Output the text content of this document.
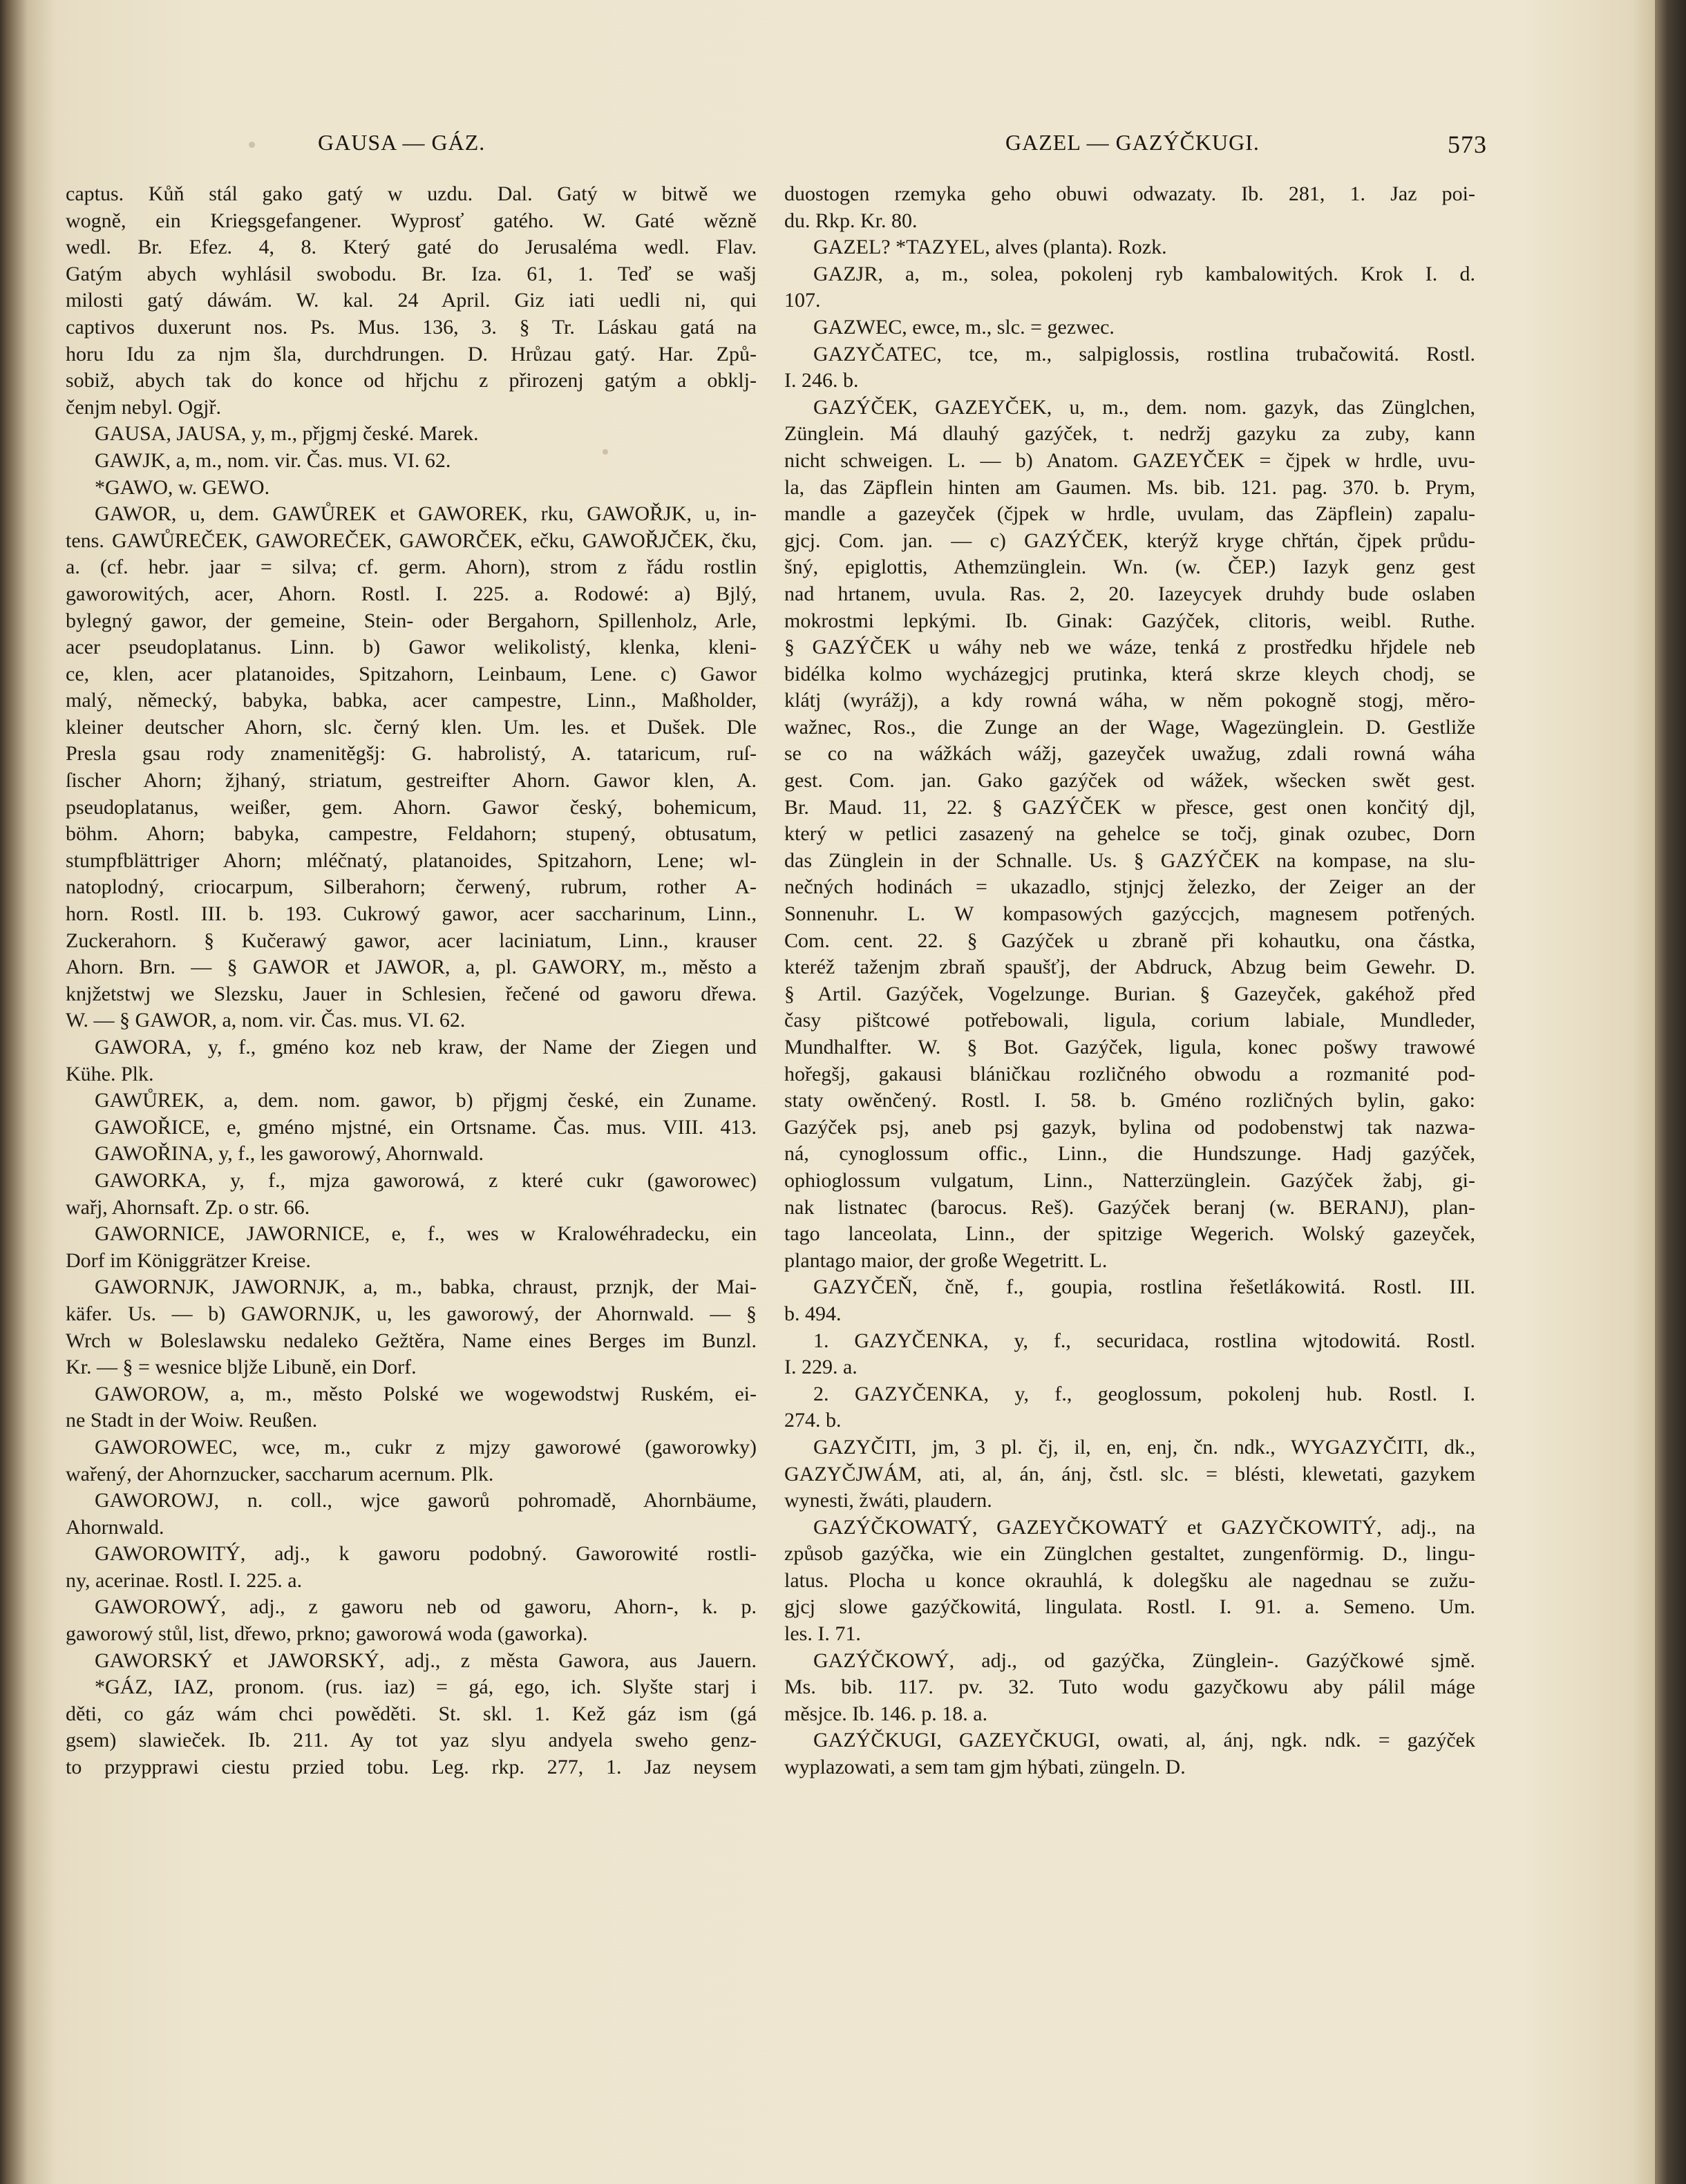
GAUSA — GÁZ.	GAZEL — GAZÝČKUGI.	573
captus. Kůň stál gako gatý w uzdu. Dal. Gatý w bitwě we
wogně, ein Kriegsgefangener. Wyprosť gatého. W. Gaté wězně
wedl. Br. Efez. 4, 8. Který gaté do Jerusaléma wedl. Flav.
Gatým abych wyhlásil swobodu. Br. Iza. 61, 1. Teď se wašj
milosti gatý dáwám. W. kal. 24 April. Giz iati uedli ni, qui
captivos duxerunt nos. Ps. Mus. 136, 3. § Tr. Láskau gatá na
horu Idu za njm šla, durchdrungen. D. Hrůzau gatý. Har. Způ-
sobiž, abych tak do konce od hřjchu z přirozenj gatým a obklj-
čenjm nebyl. Ogjř.
GAUSA, JAUSA, y, m., přjgmj české. Marek.
GAWJK, a, m., nom. vir. Čas. mus. VI. 62.
*GAWO, w. GEWO.
GAWOR, u, dem. GAWŮREK et GAWOREK, rku, GAWOŘJK, u, in-
tens. GAWŮREČEK, GAWOREČEK, GAWORČEK, ečku, GAWOŘJČEK, čku,
a. (cf. hebr. jaar = silva; cf. germ. Ahorn), strom z řádu rostlin
gaworowitých, acer, Ahorn. Rostl. I. 225. a. Rodowé: a) Bjlý,
bylegný gawor, der gemeine, Stein- oder Bergahorn, Spillenholz, Arle,
acer pseudoplatanus. Linn. b) Gawor welikolistý, klenka, kleni-
ce, klen, acer platanoides, Spitzahorn, Leinbaum, Lene. c) Gawor
malý, německý, babyka, babka, acer campestre, Linn., Maßholder,
kleiner deutscher Ahorn, slc. černý klen. Um. les. et Dušek. Dle
Presla gsau rody znamenitěgšj: G. habrolistý, A. tataricum, ruſ-
ſischer Ahorn; žjhaný, striatum, gestreifter Ahorn. Gawor klen, A.
pseudoplatanus, weißer, gem. Ahorn. Gawor český, bohemicum,
böhm. Ahorn; babyka, campestre, Feldahorn; stupený, obtusatum,
stumpfblättriger Ahorn; mléčnatý, platanoides, Spitzahorn, Lene; wl-
natoplodný, criocarpum, Silberahorn; čerwený, rubrum, rother A-
horn. Rostl. III. b. 193. Cukrowý gawor, acer saccharinum, Linn.,
Zuckerahorn. § Kučerawý gawor, acer laciniatum, Linn., krauser
Ahorn. Brn. — § GAWOR et JAWOR, a, pl. GAWORY, m., město a
knjžetstwj we Slezsku, Jauer in Schlesien, řečené od gaworu dřewa.
W. — § GAWOR, a, nom. vir. Čas. mus. VI. 62.
GAWORA, y, f., gméno koz neb kraw, der Name der Ziegen und
Kühe. Plk.
GAWŮREK, a, dem. nom. gawor, b) přjgmj české, ein Zuname.
GAWOŘICE, e, gméno mjstné, ein Ortsname. Čas. mus. VIII. 413.
GAWOŘINA, y, f., les gaworowý, Ahornwald.
GAWORKA, y, f., mjza gaworowá, z které cukr (gaworowec)
wařj, Ahornsaft. Zp. o str. 66.
GAWORNICE, JAWORNICE, e, f., wes w Kralowéhradecku, ein
Dorf im Königgrätzer Kreise.
GAWORNJK, JAWORNJK, a, m., babka, chraust, prznjk, der Mai-
käfer. Us. — b) GAWORNJK, u, les gaworowý, der Ahornwald. — §
Wrch w Boleslawsku nedaleko Gežtěra, Name eines Berges im Bunzl.
Kr. — § = wesnice bljže Libuně, ein Dorf.
GAWOROW, a, m., město Polské we wogewodstwj Ruském, ei-
ne Stadt in der Woiw. Reußen.
GAWOROWEC, wce, m., cukr z mjzy gaworowé (gaworowky)
wařený, der Ahornzucker, saccharum acernum. Plk.
GAWOROWJ, n. coll., wjce gaworů pohromadě, Ahornbäume,
Ahornwald.
GAWOROWITÝ, adj., k gaworu podobný. Gaworowité rostli-
ny, acerinae. Rostl. I. 225. a.
GAWOROWÝ, adj., z gaworu neb od gaworu, Ahorn-, k. p.
gaworowý stůl, list, dřewo, prkno; gaworowá woda (gaworka).
GAWORSKÝ et JAWORSKÝ, adj., z města Gawora, aus Jauern.
*GÁZ, IAZ, pronom. (rus. iaz) = gá, ego, ich. Slyšte starj i
děti, co gáz wám chci powěděti. St. skl. 1. Kež gáz ism (gá
gsem) slawieček. Ib. 211. Ay tot yaz slyu andyela sweho genz-
to przypprawi ciestu przied tobu. Leg. rkp. 277, 1. Jaz neysem
duostogen rzemyka geho obuwi odwazaty. Ib. 281, 1. Jaz poi-
du. Rkp. Kr. 80.
GAZEL? *TAZYEL, alves (planta). Rozk.
GAZJR, a, m., solea, pokolenj ryb kambalowitých. Krok I. d.
107.
GAZWEC, ewce, m., slc. = gezwec.
GAZYČATEC, tce, m., salpiglossis, rostlina trubačowitá. Rostl.
I. 246. b.
GAZÝČEK, GAZEYČEK, u, m., dem. nom. gazyk, das Zünglchen,
Zünglein. Má dlauhý gazýček, t. nedržj gazyku za zuby, kann
nicht schweigen. L. — b) Anatom. GAZEYČEK = čjpek w hrdle, uvu-
la, das Zäpflein hinten am Gaumen. Ms. bib. 121. pag. 370. b. Prym,
mandle a gazeyček (čjpek w hrdle, uvulam, das Zäpflein) zapalu-
gjcj. Com. jan. — c) GAZÝČEK, kterýž kryge chřtán, čjpek průdu-
šný, epiglottis, Athemzünglein. Wn. (w. ČEP.) Iazyk genz gest
nad hrtanem, uvula. Ras. 2, 20. Iazeycyek druhdy bude oslaben
mokrostmi lepkými. Ib. Ginak: Gazýček, clitoris, weibl. Ruthe.
§ GAZÝČEK u wáhy neb we wáze, tenká z prostředku hřjdele neb
bidélka kolmo wycházegjcj prutinka, která skrze kleych chodj, se
klátj (wyrážj), a kdy rowná wáha, w něm pokogně stogj, měro-
wažnec, Ros., die Zunge an der Wage, Wagezünglein. D. Gestliže
se co na wážkách wážj, gazeyček uwažug, zdali rowná wáha
gest. Com. jan. Gako gazýček od wážek, wšecken swět gest.
Br. Maud. 11, 22. § GAZÝČEK w přesce, gest onen končitý djl,
který w petlici zasazený na gehelce se točj, ginak ozubec, Dorn
das Zünglein in der Schnalle. Us. § GAZÝČEK na kompase, na slu-
nečných hodinách = ukazadlo, stjnjcj železko, der Zeiger an der
Sonnenuhr. L. W kompasowých gazýccjch, magnesem potřených.
Com. cent. 22. § Gazýček u zbraně při kohautku, ona částka,
kteréž taženjm zbraň spaušťj, der Abdruck, Abzug beim Gewehr. D.
§ Artil. Gazýček, Vogelzunge. Burian. § Gazeyček, gakéhož před
časy pištcowé potřebowali, ligula, corium labiale, Mundleder,
Mundhalfter. W. § Bot. Gazýček, ligula, konec pošwy trawowé
hořegšj, gakausi bláničkau rozličného obwodu a rozmanité pod-
staty owěnčený. Rostl. I. 58. b. Gméno rozličných bylin, gako:
Gazýček psj, aneb psj gazyk, bylina od podobenstwj tak nazwa-
ná, cynoglossum offic., Linn., die Hundszunge. Hadj gazýček,
ophioglossum vulgatum, Linn., Natterzünglein. Gazýček žabj, gi-
nak listnatec (barocus. Reš). Gazýček beranj (w. BERANJ), plan-
tago lanceolata, Linn., der spitzige Wegerich. Wolský gazeyček,
plantago maior, der große Wegetritt. L.
GAZYČEŇ, čně, f., goupia, rostlina řešetlákowitá. Rostl. III.
b. 494.
1. GAZYČENKA, y, f., securidaca, rostlina wjtodowitá. Rostl.
I. 229. a.
2. GAZYČENKA, y, f., geoglossum, pokolenj hub. Rostl. I.
274. b.
GAZYČITI, jm, 3 pl. čj, il, en, enj, čn. ndk., WYGAZYČITI, dk.,
GAZYČJWÁM, ati, al, án, ánj, čstl. slc. = blésti, klewetati, gazykem
wynesti, žwáti, plaudern.
GAZÝČKOWATÝ, GAZEYČKOWATÝ et GAZYČKOWITÝ, adj., na
způsob gazýčka, wie ein Zünglchen gestaltet, zungenförmig. D., lingu-
latus. Plocha u konce okrauhlá, k dolegšku ale nagednau se zužu-
gjcj slowe gazýčkowitá, lingulata. Rostl. I. 91. a. Semeno. Um.
les. I. 71.
GAZÝČKOWÝ, adj., od gazýčka, Zünglein-. Gazýčkowé sjmě.
Ms. bib. 117. pv. 32. Tuto wodu gazyčkowu aby pálil máge
měsjce. Ib. 146. p. 18. a.
GAZÝČKUGI, GAZEYČKUGI, owati, al, ánj, ngk. ndk. = gazýček
wyplazowati, a sem tam gjm hýbati, züngeln. D.
